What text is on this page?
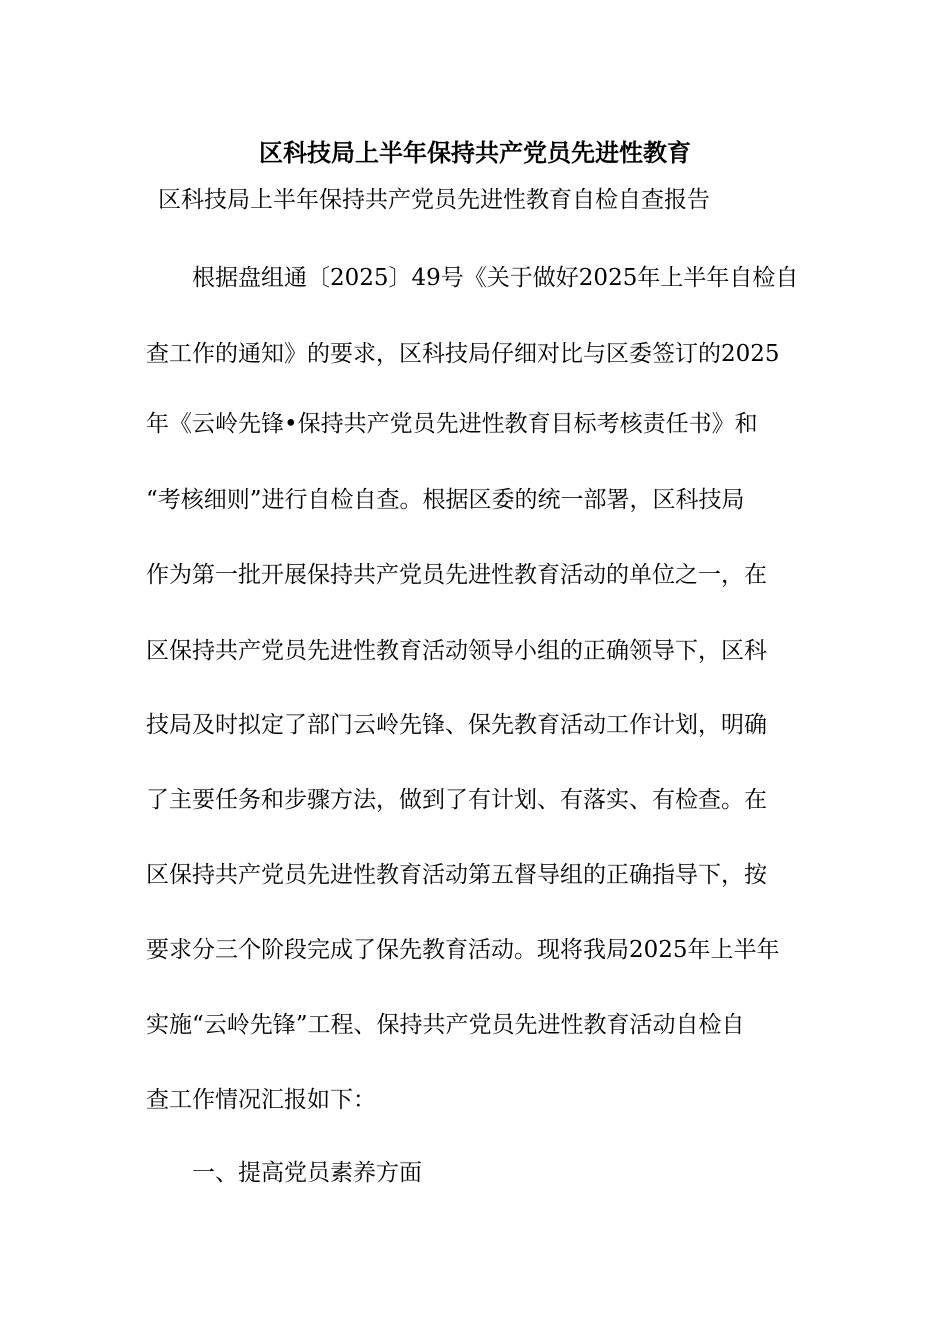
区科技局上半年保持共产党员先进性教育
区科技局上半年保持共产党员先进性教育自检自查报告
根据盘组通〔2025〕49号《关于做好2025年上半年自检自
查工作的通知》的要求，区科技局仔细对比与区委签订的2025
年《云岭先锋•保持共产党员先进性教育目标考核责任书》和
“考核细则”进行自检自查。根据区委的统一部署，区科技局
作为第一批开展保持共产党员先进性教育活动的单位之一，在
区保持共产党员先进性教育活动领导小组的正确领导下，区科
技局及时拟定了部门云岭先锋、保先教育活动工作计划，明确
了主要任务和步骤方法，做到了有计划、有落实、有检查。在
区保持共产党员先进性教育活动第五督导组的正确指导下，按
要求分三个阶段完成了保先教育活动。现将我局2025年上半年
实施“云岭先锋”工程、保持共产党员先进性教育活动自检自
查工作情况汇报如下：
一、提高党员素养方面
